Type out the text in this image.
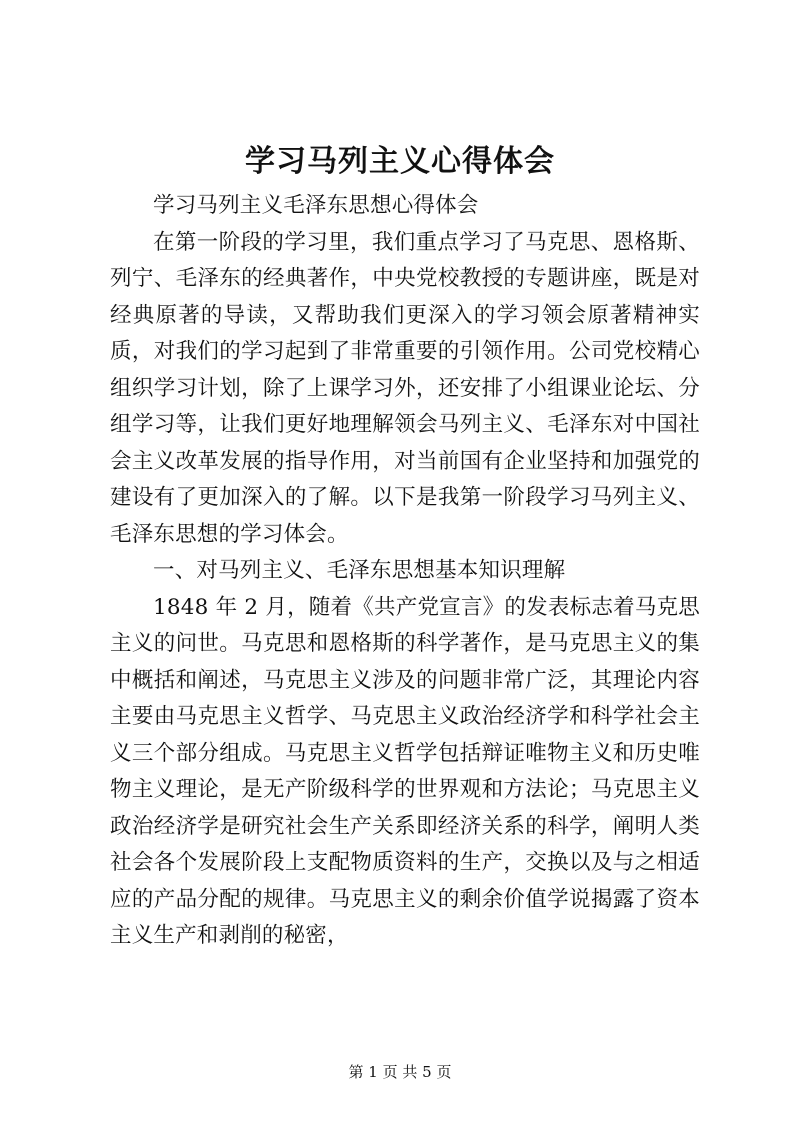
学习马列主义心得体会

学习马列主义毛泽东思想心得体会

在第一阶段的学习里，我们重点学习了马克思、恩格斯、列宁、毛泽东的经典著作，中央党校教授的专题讲座，既是对经典原著的导读，又帮助我们更深入的学习领会原著精神实质，对我们的学习起到了非常重要的引领作用。公司党校精心组织学习计划，除了上课学习外，还安排了小组课业论坛、分组学习等，让我们更好地理解领会马列主义、毛泽东对中国社会主义改革发展的指导作用，对当前国有企业坚持和加强党的建设有了更加深入的了解。以下是我第一阶段学习马列主义、毛泽东思想的学习体会。

一、对马列主义、毛泽东思想基本知识理解

1848 年 2 月，随着《共产党宣言》的发表标志着马克思主义的问世。马克思和恩格斯的科学著作，是马克思主义的集中概括和阐述，马克思主义涉及的问题非常广泛，其理论内容主要由马克思主义哲学、马克思主义政治经济学和科学社会主义三个部分组成。马克思主义哲学包括辩证唯物主义和历史唯物主义理论，是无产阶级科学的世界观和方法论；马克思主义政治经济学是研究社会生产关系即经济关系的科学，阐明人类社会各个发展阶段上支配物质资料的生产，交换以及与之相适应的产品分配的规律。马克思主义的剩余价值学说揭露了资本主义生产和剥削的秘密，

第 1 页 共 5 页
